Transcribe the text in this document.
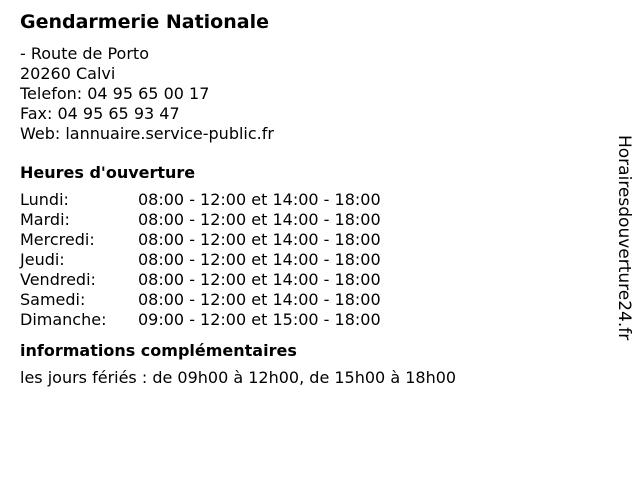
Gendarmerie Nationale
- Route de Porto
20260 Calvi
Telefon: 04 95 65 00 17
Fax: 04 95 65 93 47
Web: lannuaire.service-public.fr
Heures d'ouverture
Lundi:	08:00 - 12:00 et 14:00 - 18:00
Mardi:	08:00 - 12:00 et 14:00 - 18:00
Mercredi:	08:00 - 12:00 et 14:00 - 18:00
Jeudi:	08:00 - 12:00 et 14:00 - 18:00
Vendredi:	08:00 - 12:00 et 14:00 - 18:00
Samedi:	08:00 - 12:00 et 14:00 - 18:00
Dimanche:	09:00 - 12:00 et 15:00 - 18:00
informations complémentaires
les jours fériés : de 09h00 à 12h00, de 15h00 à 18h00
Horairesdouverture24.fr
